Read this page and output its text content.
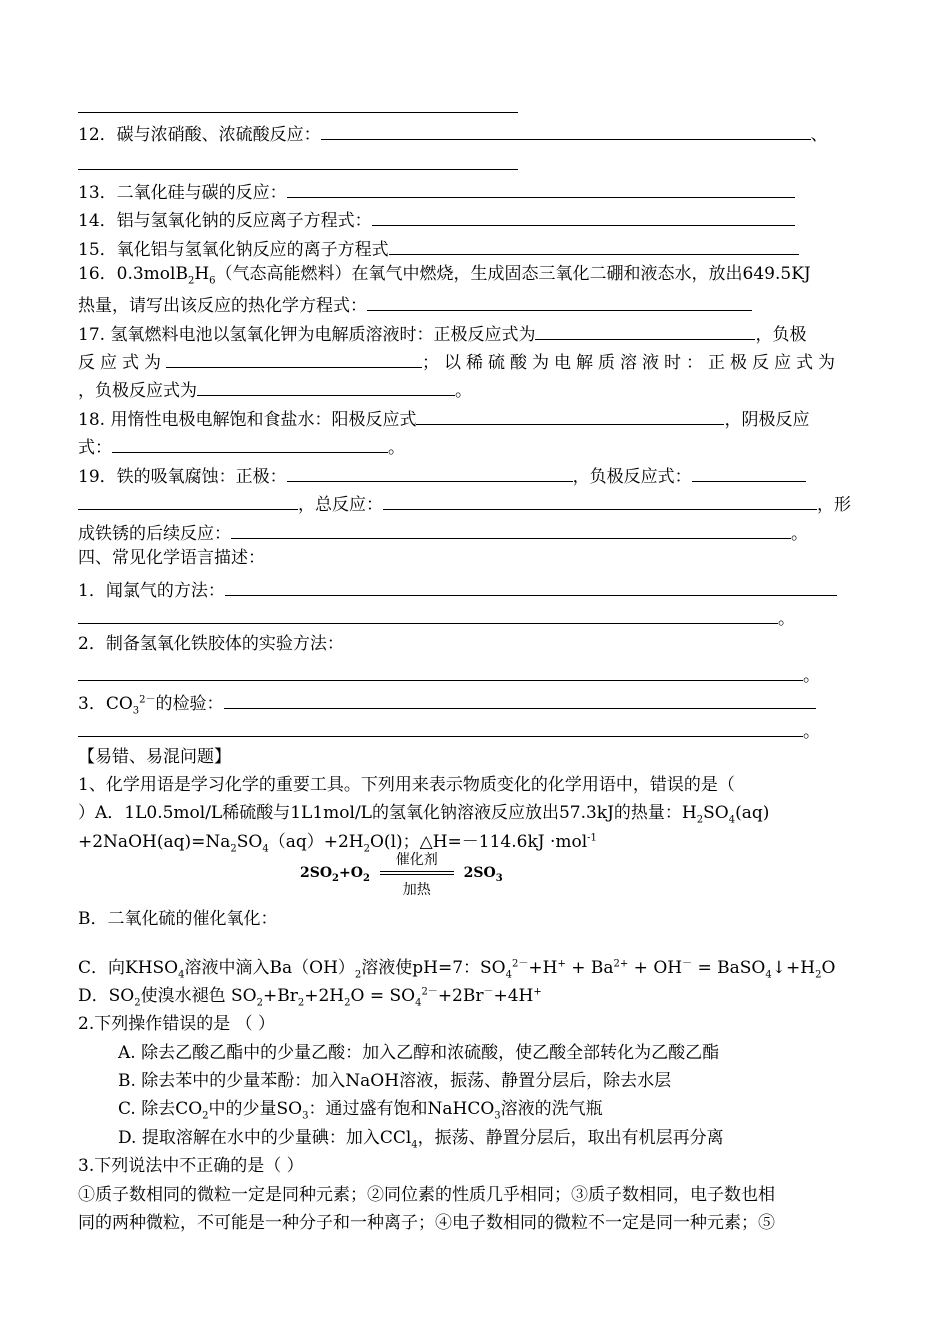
12．碳与浓硝酸、浓硫酸反应：	、
13．二氧化硅与碳的反应：
14．铝与氢氧化钠的反应离子方程式：
15．氧化铝与氢氧化钠反应的离子方程式
16．$0.3molB_2H_6$（气态高能燃料）在氧气中燃烧，生成固态三氧化二硼和液态水，放出649.5KJ
热量，请写出该反应的热化学方程式：
17. 氢氧燃料电池以氢氧化钾为电解质溶液时：正极反应式为	，负极
反应式为	；以稀硫酸为电解质溶液时：正极反应式为
，负极反应式为	。
18. 用惰性电极电解饱和食盐水：阳极反应式	，阴极反应
式：	。
19．铁的吸氧腐蚀：正极：	，负极反应式：
，总反应：	，形
成铁锈的后续反应：	。
四、常见化学语言描述：
1．闻氯气的方法：
。
2．制备氢氧化铁胶体的实验方法：
。
3．$CO_3^{2-}$的检验：
。
【易错、易混问题】
1、化学用语是学习化学的重要工具。下列用来表示物质变化的化学用语中，错误的是（
）A．1L0.5mol/L稀硫酸与1L1mol/L的氢氧化钠溶液反应放出57.3kJ的热量：$H_2SO_4(aq)$
$+2NaOH(aq)=Na_2SO_4(aq)+2H_2O(l)$；△H=－114.6kJ ·mol$^{-1}$
$2SO_2+O_2$
催化剂
加热
$2SO_3$
B．二氧化硫的催化氧化：
C．向$KHSO_4$溶液中滴入$Ba(OH)_2$溶液使pH=7：$SO_4^{2-}+H^+ + Ba^{2+} + OH^-$ = $BaSO_4↓+H_2O$
D．$SO_2$使溴水褪色 $SO_2+Br_2+2H_2O = SO_4^{2-}+2Br^-+4H^+$
2.下列操作错误的是 （ ）
A. 除去乙酸乙酯中的少量乙酸：加入乙醇和浓硫酸，使乙酸全部转化为乙酸乙酯
B. 除去苯中的少量苯酚：加入NaOH溶液，振荡、静置分层后，除去水层
C. 除去$CO_2$中的少量$SO_3$：通过盛有饱和NaHCO$_3$溶液的洗气瓶
D. 提取溶解在水中的少量碘：加入CCl$_4$，振荡、静置分层后，取出有机层再分离
3.下列说法中不正确的是（ ）
①质子数相同的微粒一定是同种元素；②同位素的性质几乎相同；③质子数相同，电子数也相
同的两种微粒，不可能是一种分子和一种离子；④电子数相同的微粒不一定是同一种元素；⑤
